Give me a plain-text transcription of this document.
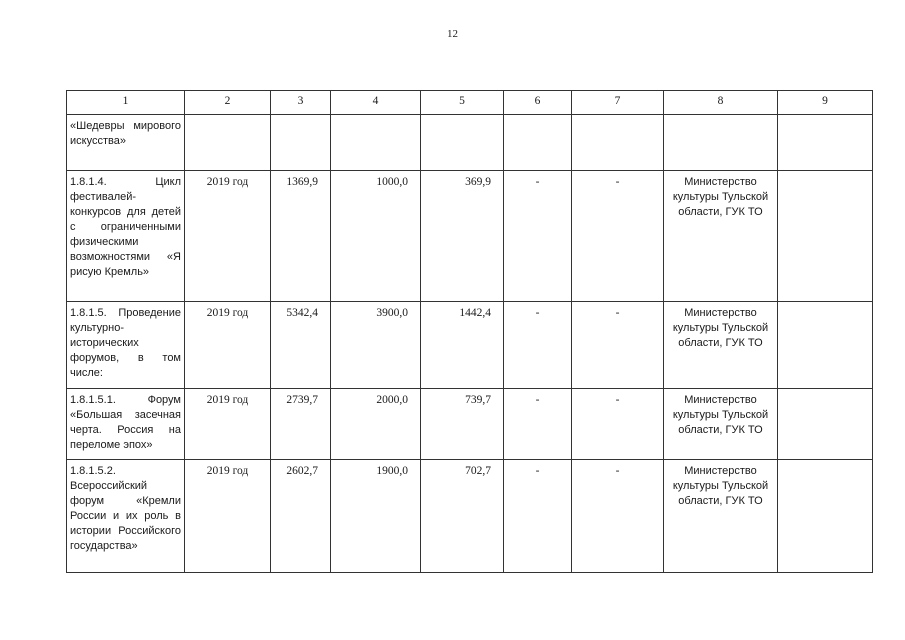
12
1	2	3	4	5	6	7	8	9
«Шедевры мирового искусства»								
1.8.1.4. Цикл фестивалей-конкурсов для детей с ограниченными физическими возможностями «Я рисую Кремль»	2019 год	1369,9	1000,0	369,9	-	-	Министерство культуры Тульской области, ГУК ТО	
1.8.1.5. Проведение культурно-исторических форумов, в том числе:	2019 год	5342,4	3900,0	1442,4	-	-	Министерство культуры Тульской области, ГУК ТО	
1.8.1.5.1. Форум «Большая засечная черта. Россия на переломе эпох»	2019 год	2739,7	2000,0	739,7	-	-	Министерство культуры Тульской области, ГУК ТО	
1.8.1.5.2. Всероссийский форум «Кремли России и их роль в истории Российского государства»	2019 год	2602,7	1900,0	702,7	-	-	Министерство культуры Тульской области, ГУК ТО	
